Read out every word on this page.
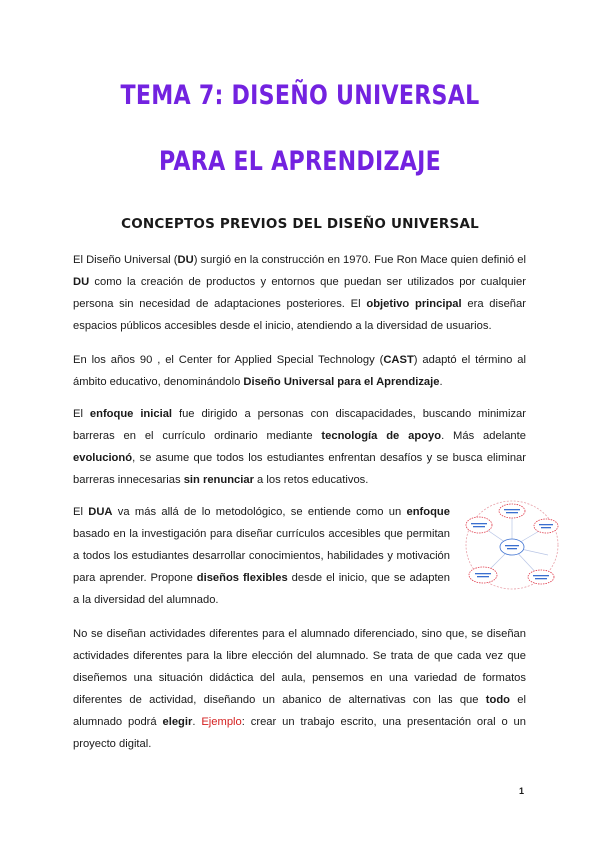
TEMA 7: DISEÑO UNIVERSAL
PARA EL APRENDIZAJE
CONCEPTOS PREVIOS DEL DISEÑO UNIVERSAL

El Diseño Universal (DU) surgió en la construcción en 1970. Fue Ron Mace quien definió el DU como la creación de productos y entornos que puedan ser utilizados por cualquier persona sin necesidad de adaptaciones posteriores. El objetivo principal era diseñar espacios públicos accesibles desde el inicio, atendiendo a la diversidad de usuarios.

En los años 90 , el Center for Applied Special Technology (CAST) adaptó el término al ámbito educativo, denominándolo Diseño Universal para el Aprendizaje.

El enfoque inicial fue dirigido a personas con discapacidades, buscando minimizar barreras en el currículo ordinario mediante tecnología de apoyo. Más adelante evolucionó, se asume que todos los estudiantes enfrentan desafíos y se busca eliminar barreras innecesarias sin renunciar a los retos educativos.

El DUA va más allá de lo metodológico, se entiende como un enfoque basado en la investigación para diseñar currículos accesibles que permitan a todos los estudiantes desarrollar conocimientos, habilidades y motivación para aprender. Propone diseños flexibles desde el inicio, que se adapten a la diversidad del alumnado.

No se diseñan actividades diferentes para el alumnado diferenciado, sino que, se diseñan actividades diferentes para la libre elección del alumnado. Se trata de que cada vez que diseñemos una situación didáctica del aula, pensemos en una variedad de formatos diferentes de actividad, diseñando un abanico de alternativas con las que todo el alumnado podrá elegir. Ejemplo: crear un trabajo escrito, una presentación oral o un proyecto digital.

1
